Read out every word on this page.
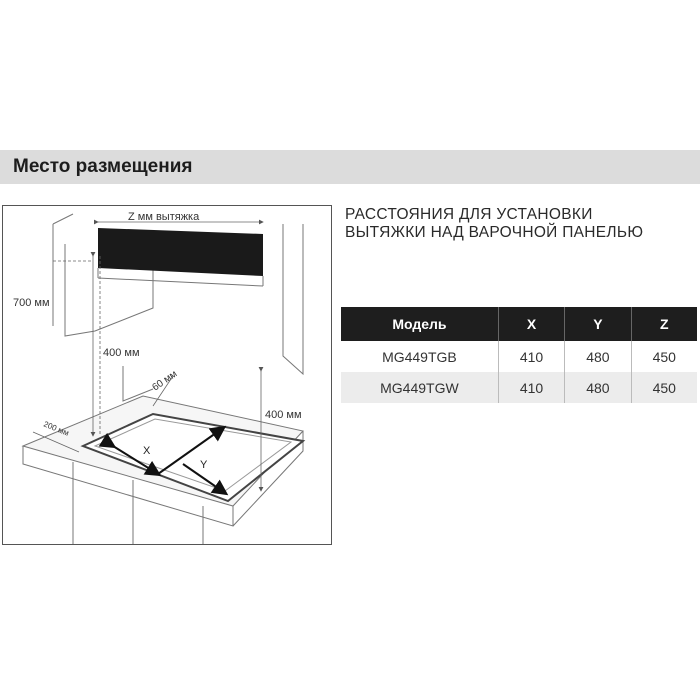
Место размещения
Z мм вытяжка
700 мм
400 мм
400 мм
60 мм
200 мм
X
Y
РАССТОЯНИЯ ДЛЯ УСТАНОВКИ
ВЫТЯЖКИ НАД ВАРОЧНОЙ ПАНЕЛЬЮ
Модель	X	Y	Z
MG449TGB	410	480	450
MG449TGW	410	480	450
